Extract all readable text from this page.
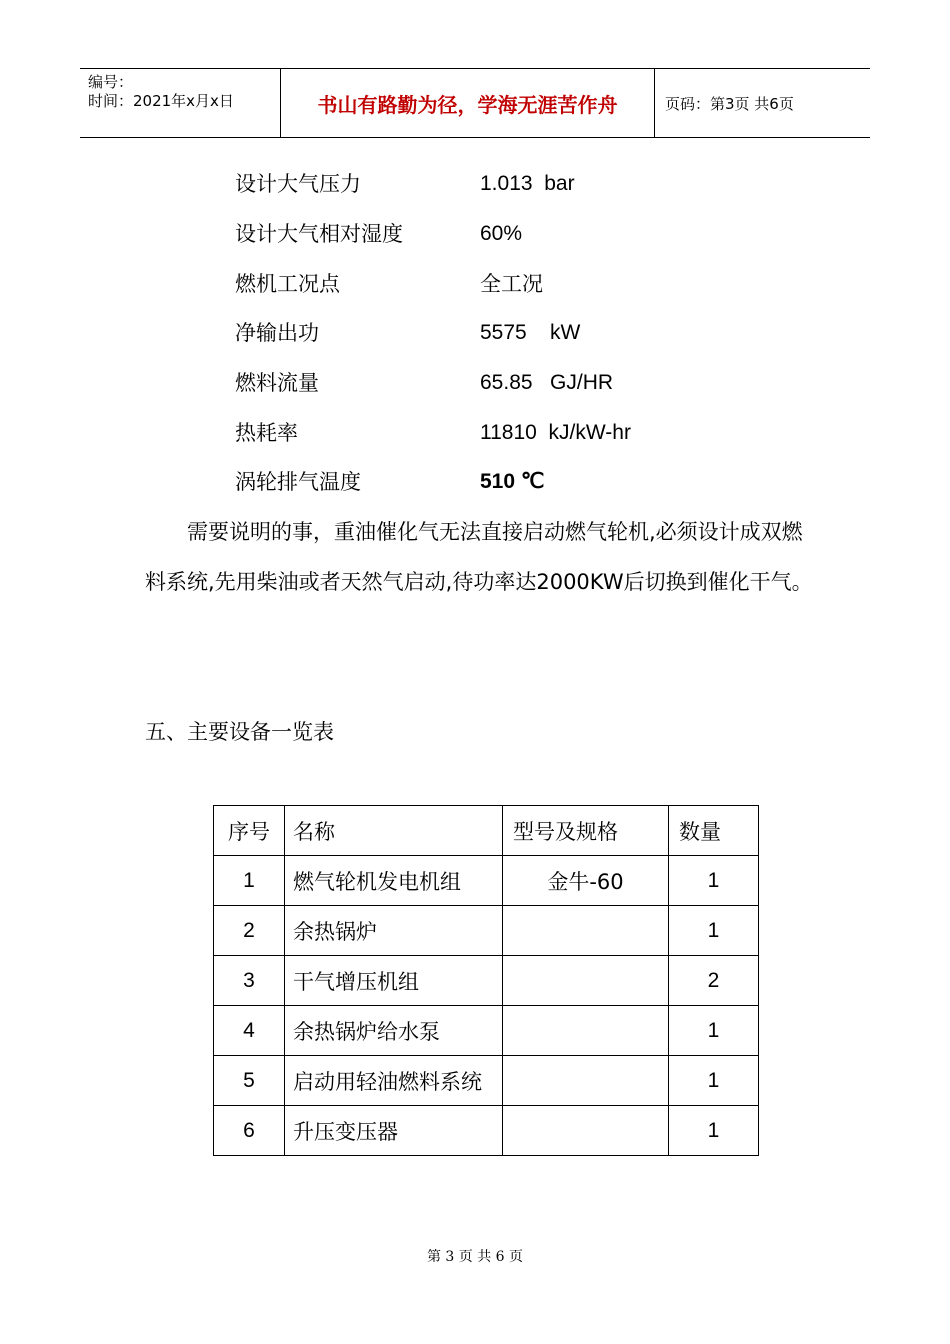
编号：
时间：2021年x月x日	书山有路勤为径，学海无涯苦作舟	页码：第3页 共6页
设计大气压力	1.013  bar
设计大气相对湿度	60%
燃机工况点	全工况
净输出功	5575    kW
燃料流量	65.85   GJ/HR
热耗率	11810  kJ/kW-hr
涡轮排气温度	510 ℃
需要说明的事，重油催化气无法直接启动燃气轮机,必须设计成双燃料系统,先用柴油或者天然气启动,待功率达2000KW后切换到催化干气。
五、主要设备一览表
序号	名称	型号及规格	数量
1	燃气轮机发电机组	金牛-60	1
2	余热锅炉		1
3	干气增压机组		2
4	余热锅炉给水泵		1
5	启动用轻油燃料系统		1
6	升压变压器		1
第 3 页 共 6 页
